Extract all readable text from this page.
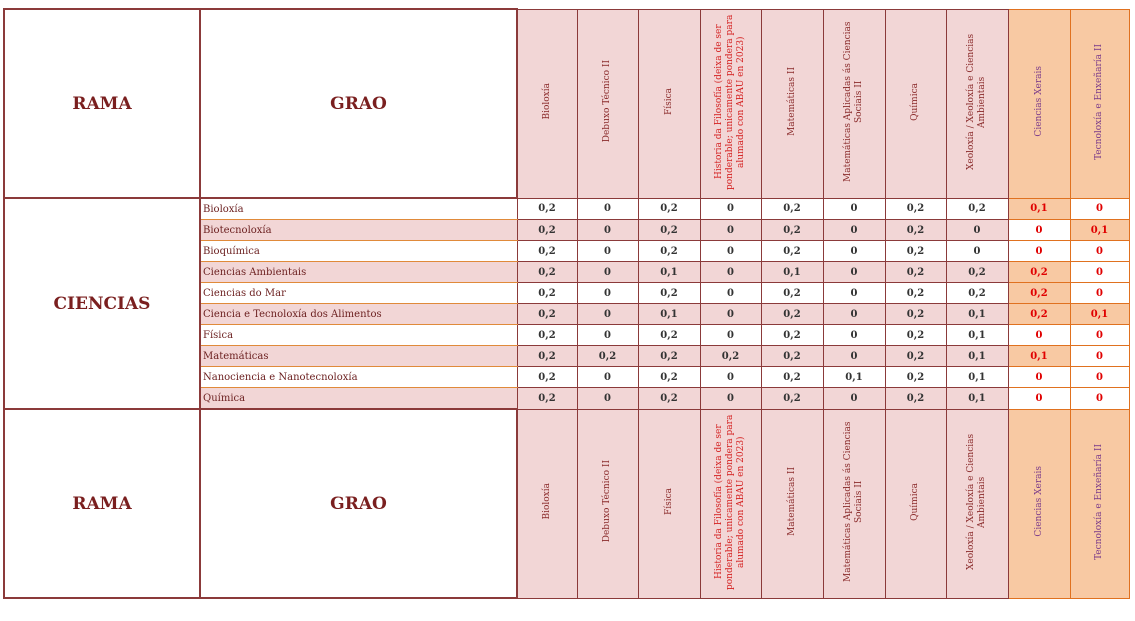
RAMA	GRAO	Bioloxía	Debuxo Técnico II	Física	Historia da Filosofía (deixa de ser ponderable; unicamente pondera para alumado con ABAU en 2023)	Matemáticas II	Matemáticas Aplicadas ás Ciencias Sociais II	Química	Xeoloxía / Xeoloxía e Ciencias Ambientais	Ciencias Xerais	Tecnoloxía e Enxeñaría II
CIENCIAS	Bioloxía	0,2	0	0,2	0	0,2	0	0,2	0,2	0,1	0
	Biotecnoloxía	0,2	0	0,2	0	0,2	0	0,2	0	0	0,1
	Bioquímica	0,2	0	0,2	0	0,2	0	0,2	0	0	0
	Ciencias Ambientais	0,2	0	0,1	0	0,1	0	0,2	0,2	0,2	0
	Ciencias do Mar	0,2	0	0,2	0	0,2	0	0,2	0,2	0,2	0
	Ciencia e Tecnoloxía dos Alimentos	0,2	0	0,1	0	0,2	0	0,2	0,1	0,2	0,1
	Física	0,2	0	0,2	0	0,2	0	0,2	0,1	0	0
	Matemáticas	0,2	0,2	0,2	0,2	0,2	0	0,2	0,1	0,1	0
	Nanociencia e Nanotecnoloxía	0,2	0	0,2	0	0,2	0,1	0,2	0,1	0	0
	Química	0,2	0	0,2	0	0,2	0	0,2	0,1	0	0
RAMA	GRAO	Bioloxía	Debuxo Técnico II	Física	Historia da Filosofía (deixa de ser ponderable; unicamente pondera para alumado con ABAU en 2023)	Matemáticas II	Matemáticas Aplicadas ás Ciencias Sociais II	Química	Xeoloxía / Xeoloxía e Ciencias Ambientais	Ciencias Xerais	Tecnoloxía e Enxeñaría II
